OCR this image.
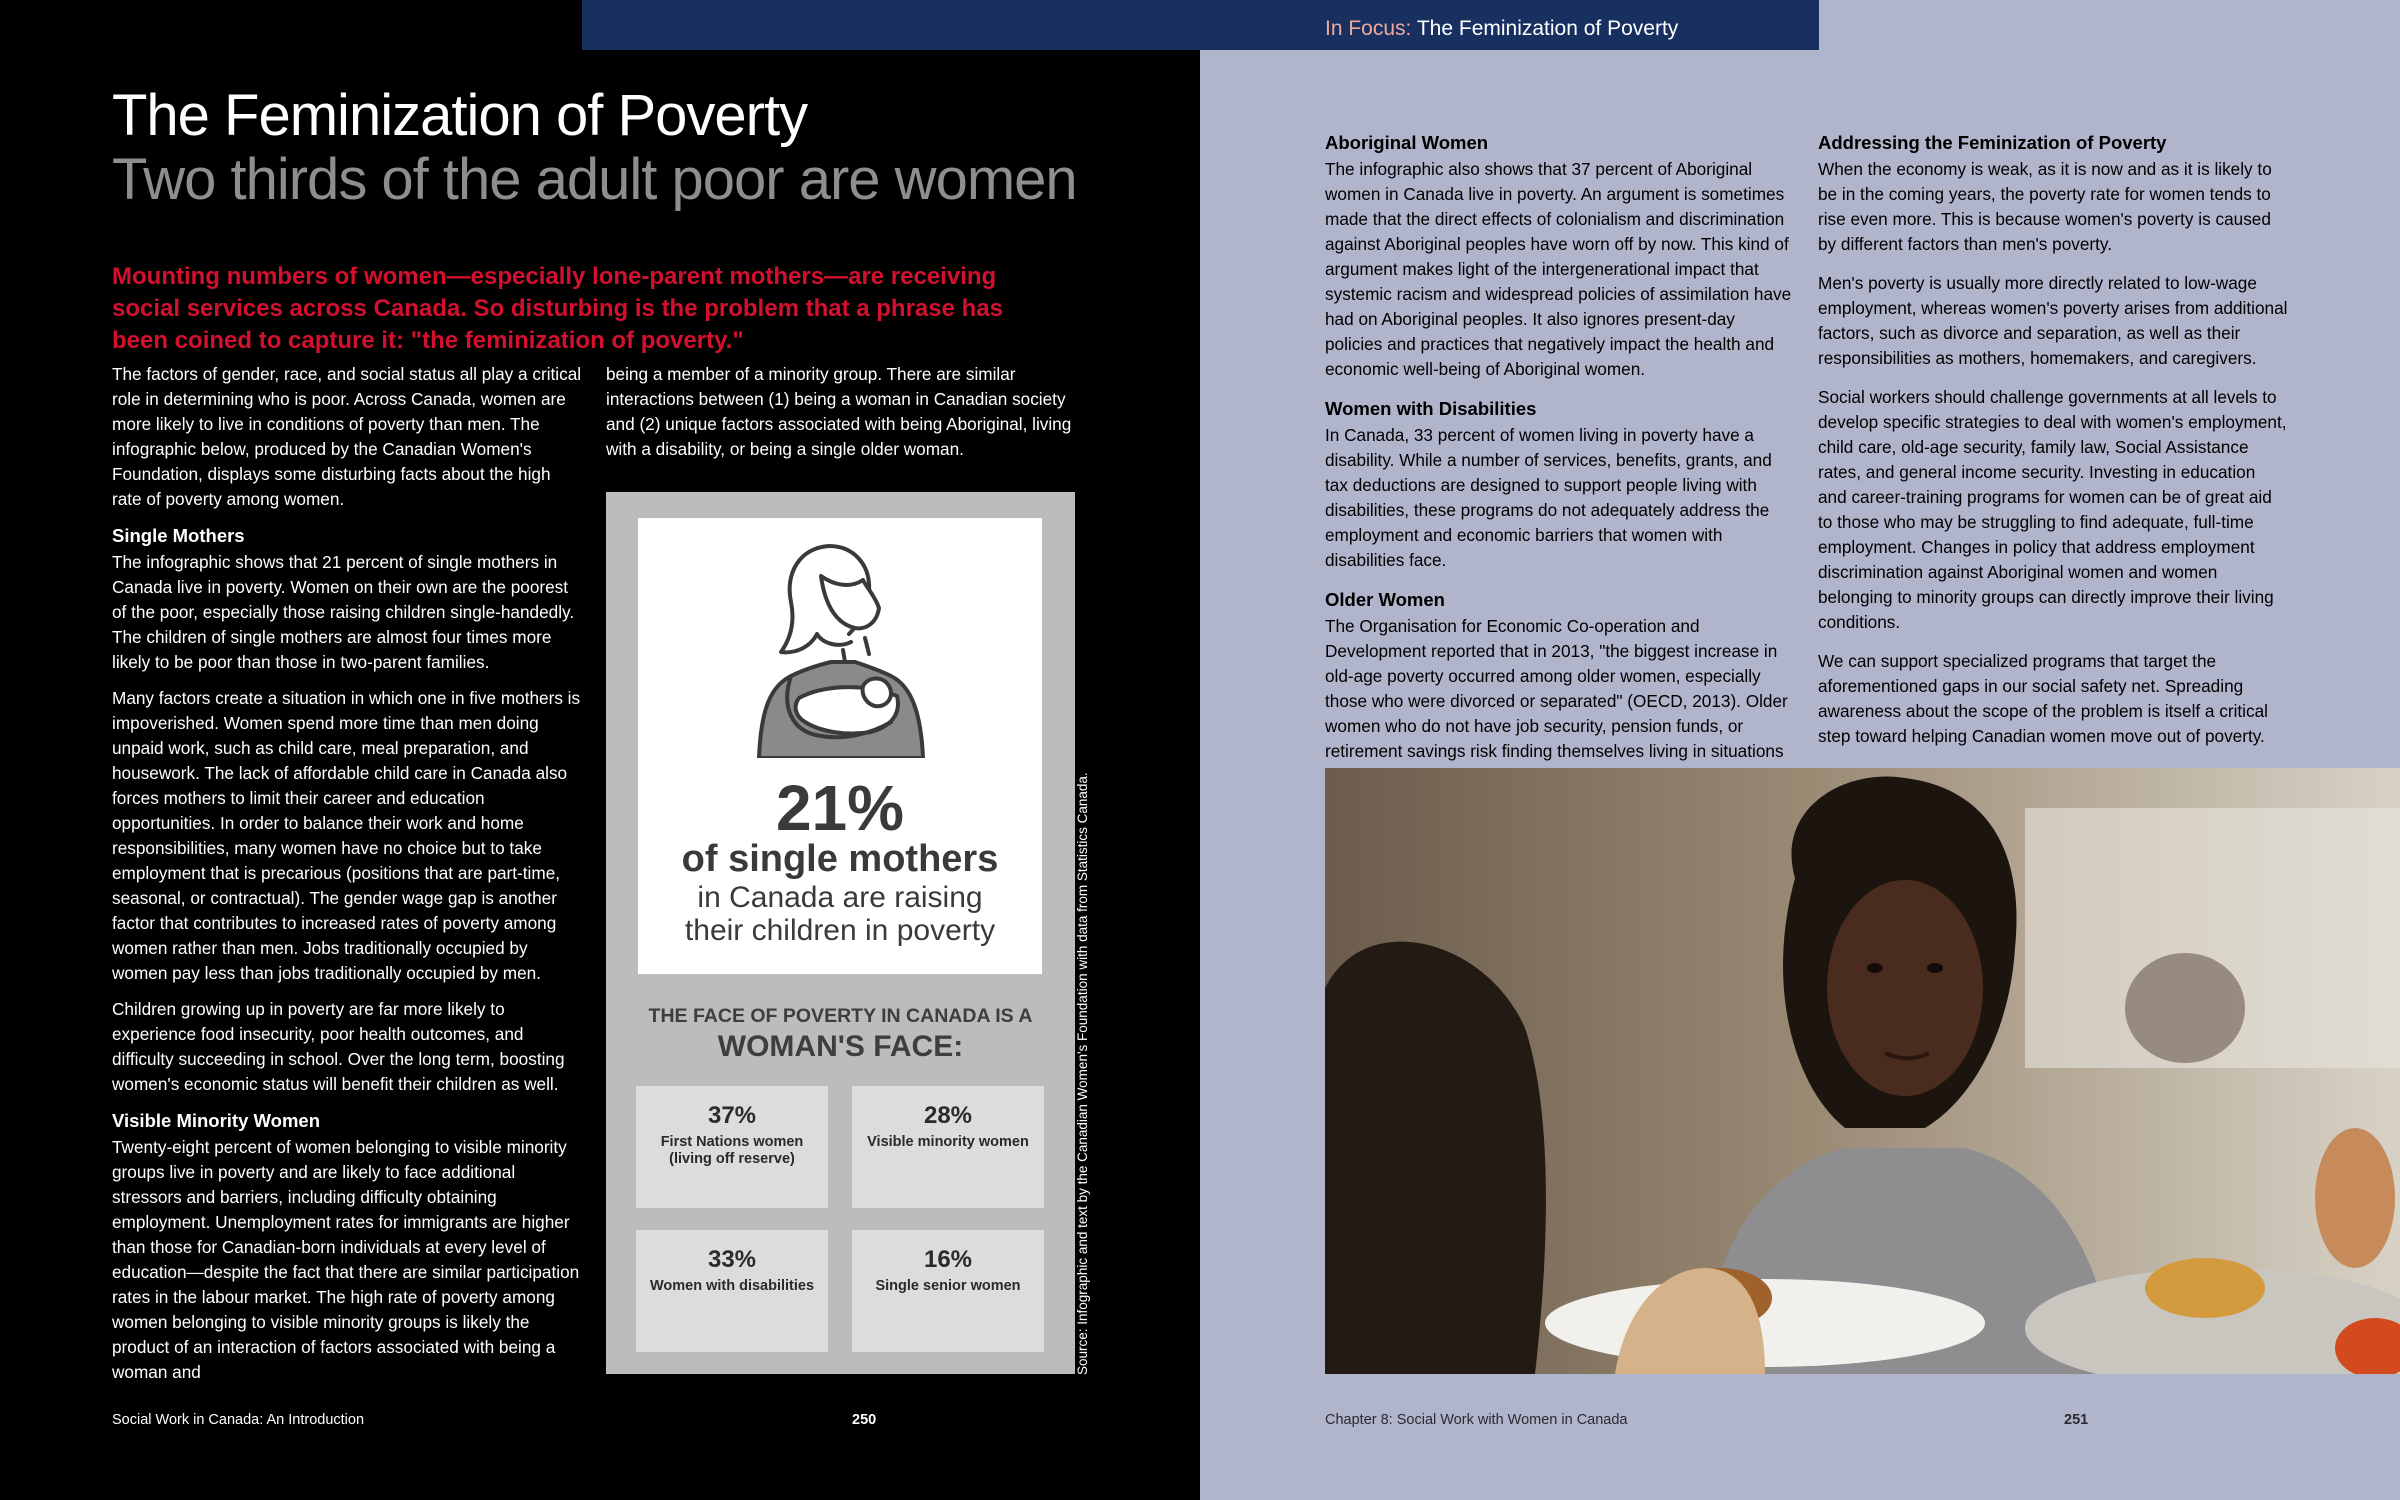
In Focus: The Feminization of Poverty
The Feminization of Poverty
Two thirds of the adult poor are women

Mounting numbers of women—especially lone-parent mothers—are receiving social services across Canada. So disturbing is the problem that a phrase has been coined to capture it: "the feminization of poverty."

The factors of gender, race, and social status all play a critical role in determining who is poor. Across Canada, women are more likely to live in conditions of poverty than men. The infographic below, produced by the Canadian Women's Foundation, displays some disturbing facts about the high rate of poverty among women.

Single Mothers

The infographic shows that 21 percent of single mothers in Canada live in poverty. Women on their own are the poorest of the poor, especially those raising children single-handedly. The children of single mothers are almost four times more likely to be poor than those in two-parent families.

Many factors create a situation in which one in five mothers is impoverished. Women spend more time than men doing unpaid work, such as child care, meal preparation, and housework. The lack of affordable child care in Canada also forces mothers to limit their career and education opportunities. In order to balance their work and home responsibilities, many women have no choice but to take employment that is precarious (positions that are part-time, seasonal, or contractual). The gender wage gap is another factor that contributes to increased rates of poverty among women rather than men. Jobs traditionally occupied by women pay less than jobs traditionally occupied by men.

Children growing up in poverty are far more likely to experience food insecurity, poor health outcomes, and difficulty succeeding in school. Over the long term, boosting women's economic status will benefit their children as well.

Visible Minority Women

Twenty-eight percent of women belonging to visible minority groups live in poverty and are likely to face additional stressors and barriers, including difficulty obtaining employment. Unemployment rates for immigrants are higher than those for Canadian-born individuals at every level of education—despite the fact that there are similar participation rates in the labour market. The high rate of poverty among women belonging to visible minority groups is likely the product of an interaction of factors associated with being a woman and

being a member of a minority group. There are similar interactions between (1) being a woman in Canadian society and (2) unique factors associated with being Aboriginal, living with a disability, or being a single older woman.

21%
of single mothers
in Canada are raising
their children in poverty
THE FACE OF POVERTY IN CANADA IS A
WOMAN'S FACE:
37%
First Nations women (living off reserve)
28%
Visible minority women
33%
Women with disabilities
16%
Single senior women	Source: Infographic and text by the Canadian Women's Foundation with data from Statistics Canada.
Social Work in Canada: An Introduction	250
Aboriginal Women

The infographic also shows that 37 percent of Aboriginal women in Canada live in poverty. An argument is sometimes made that the direct effects of colonialism and discrimination against Aboriginal peoples have worn off by now. This kind of argument makes light of the intergenerational impact that systemic racism and widespread policies of assimilation have had on Aboriginal peoples. It also ignores present-day policies and practices that negatively impact the health and economic well-being of Aboriginal women.

Women with Disabilities

In Canada, 33 percent of women living in poverty have a disability. While a number of services, benefits, grants, and tax deductions are designed to support people living with disabilities, these programs do not adequately address the employment and economic barriers that women with disabilities face.

Older Women

The Organisation for Economic Co-operation and Development reported that in 2013, "the biggest increase in old-age poverty occurred among older women, especially those who were divorced or separated" (OECD, 2013). Older women who do not have job security, pension funds, or retirement savings risk finding themselves living in situations

Addressing the Feminization of Poverty

When the economy is weak, as it is now and as it is likely to be in the coming years, the poverty rate for women tends to rise even more. This is because women's poverty is caused by different factors than men's poverty.

Men's poverty is usually more directly related to low-wage employment, whereas women's poverty arises from additional factors, such as divorce and separation, as well as their responsibilities as mothers, homemakers, and caregivers.

Social workers should challenge governments at all levels to develop specific strategies to deal with women's employment, child care, old-age security, family law, Social Assistance rates, and general income security. Investing in education and career-training programs for women can be of great aid to those who may be struggling to find adequate, full-time employment. Changes in policy that address employment discrimination against Aboriginal women and women belonging to minority groups can directly improve their living conditions.

We can support specialized programs that target the aforementioned gaps in our social safety net. Spreading awareness about the scope of the problem is itself a critical step toward helping Canadian women move out of poverty.

Chapter 8: Social Work with Women in Canada	251
